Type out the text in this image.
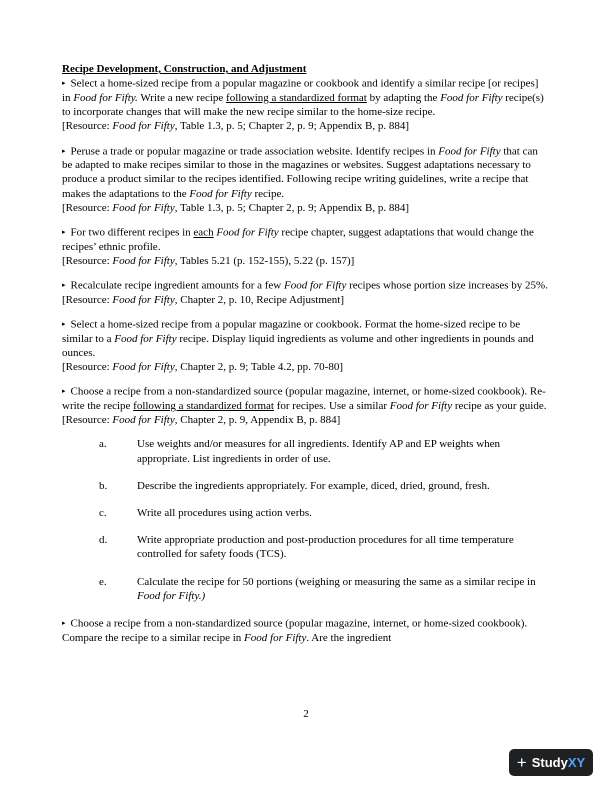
Recipe Development, Construction, and Adjustment

▸ Select a home-sized recipe from a popular magazine or cookbook and identify a similar recipe [or recipes] in Food for Fifty. Write a new recipe following a standardized format by adapting the Food for Fifty recipe(s) to incorporate changes that will make the new recipe similar to the home-size recipe.
[Resource: Food for Fifty, Table 1.3, p. 5; Chapter 2, p. 9; Appendix B, p. 884]

▸ Peruse a trade or popular magazine or trade association website. Identify recipes in Food for Fifty that can be adapted to make recipes similar to those in the magazines or websites. Suggest adaptations necessary to produce a product similar to the recipes identified. Following recipe writing guidelines, write a recipe that makes the adaptations to the Food for Fifty recipe.
[Resource: Food for Fifty, Table 1.3, p. 5; Chapter 2, p. 9; Appendix B, p. 884]

▸ For two different recipes in each Food for Fifty recipe chapter, suggest adaptations that would change the recipes’ ethnic profile.
[Resource: Food for Fifty, Tables 5.21 (p. 152-155), 5.22 (p. 157)]

▸ Recalculate recipe ingredient amounts for a few Food for Fifty recipes whose portion size increases by 25%. [Resource: Food for Fifty, Chapter 2, p. 10, Recipe Adjustment]

▸ Select a home-sized recipe from a popular magazine or cookbook. Format the home-sized recipe to be similar to a Food for Fifty recipe. Display liquid ingredients as volume and other ingredients in pounds and ounces.
[Resource: Food for Fifty, Chapter 2, p. 9; Table 4.2, pp. 70-80]

▸ Choose a recipe from a non-standardized source (popular magazine, internet, or home-sized cookbook). Re-write the recipe following a standardized format for recipes. Use a similar Food for Fifty recipe as your guide.
[Resource: Food for Fifty, Chapter 2, p. 9, Appendix B, p. 884]

a.	Use weights and/or measures for all ingredients. Identify AP and EP weights when appropriate. List ingredients in order of use.
b.	Describe the ingredients appropriately. For example, diced, dried, ground, fresh.
c.	Write all procedures using action verbs.
d.	Write appropriate production and post-production procedures for all time temperature controlled for safety foods (TCS).
e.	Calculate the recipe for 50 portions (weighing or measuring the same as a similar recipe in Food for Fifty.)

▸ Choose a recipe from a non-standardized source (popular magazine, internet, or home-sized cookbook). Compare the recipe to a similar recipe in Food for Fifty. Are the ingredient

2
+ Study XY
